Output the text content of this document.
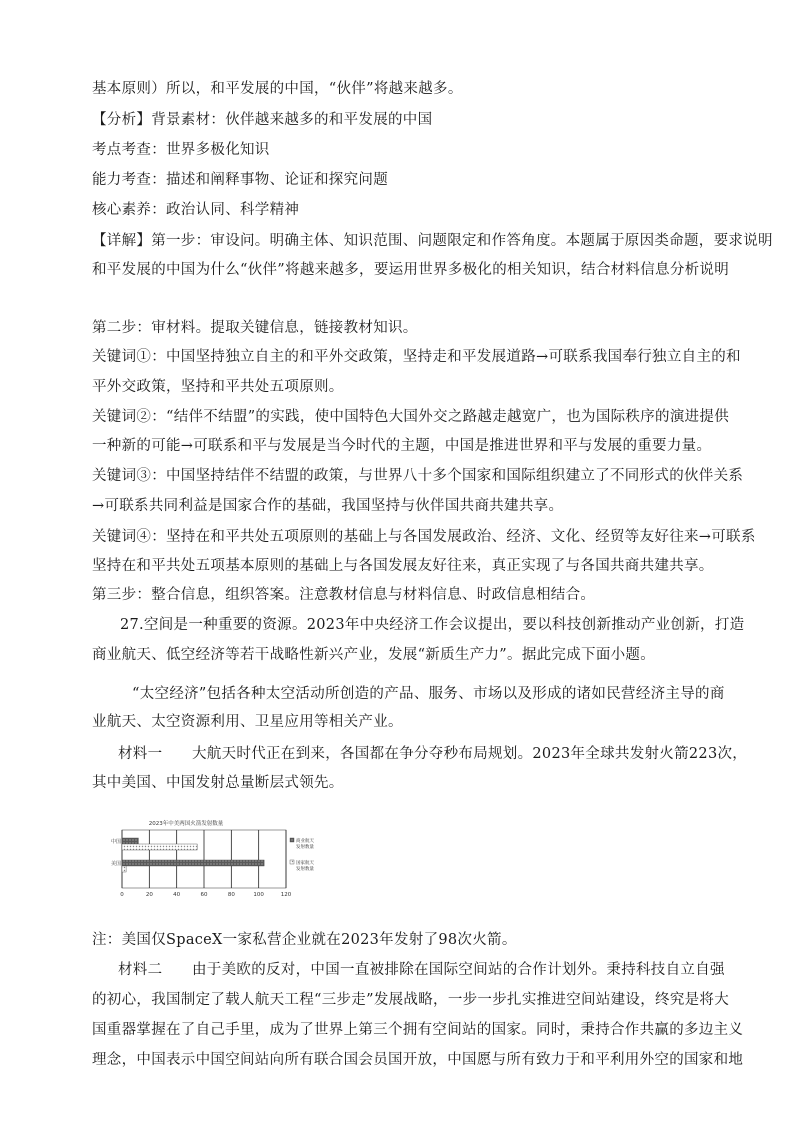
基本原则）所以，和平发展的中国，“伙伴”将越来越多。
【分析】背景素材：伙伴越来越多的和平发展的中国
考点考查：世界多极化知识
能力考查：描述和阐释事物、论证和探究问题
核心素养：政治认同、科学精神
【详解】第一步：审设问。明确主体、知识范围、问题限定和作答角度。本题属于原因类命题，要求说明
和平发展的中国为什么“伙伴”将越来越多，要运用世界多极化的相关知识，结合材料信息分析说明
第二步：审材料。提取关键信息，链接教材知识。
关键词①：中国坚持独立自主的和平外交政策，坚持走和平发展道路→可联系我国奉行独立自主的和
平外交政策，坚持和平共处五项原则。
关键词②：“结伴不结盟”的实践，使中国特色大国外交之路越走越宽广，也为国际秩序的演进提供
一种新的可能→可联系和平与发展是当今时代的主题，中国是推进世界和平与发展的重要力量。
关键词③：中国坚持结伴不结盟的政策，与世界八十多个国家和国际组织建立了不同形式的伙伴关系
→可联系共同利益是国家合作的基础，我国坚持与伙伴国共商共建共享。
关键词④：坚持在和平共处五项原则的基础上与各国发展政治、经济、文化、经贸等友好往来→可联系
坚持在和平共处五项基本原则的基础上与各国发展友好往来，真正实现了与各国共商共建共享。
第三步：整合信息，组织答案。注意教材信息与材料信息、时政信息相结合。
27.空间是一种重要的资源。2023年中央经济工作会议提出，要以科技创新推动产业创新，打造
商业航天、低空经济等若干战略性新兴产业，发展“新质生产力”。据此完成下面小题。
“太空经济”包括各种太空活动所创造的产品、服务、市场以及形成的诸如民营经济主导的商
业航天、太空资源利用、卫星应用等相关产业。
材料一　　大航天时代正在到来，各国都在争分夺秒布局规划。2023年全球共发射火箭223次，
其中美国、中国发射总量断层式领先。
2023年中美两国火箭发射数量
0	20	40	60	80	100	120
中国
美国
商业航天
发射数量
国家航天
发射数量
注：美国仅SpaceX一家私营企业就在2023年发射了98次火箭。
材料二　　由于美欧的反对，中国一直被排除在国际空间站的合作计划外。秉持科技自立自强
的初心，我国制定了载人航天工程“三步走”发展战略，一步一步扎实推进空间站建设，终究是将大
国重器掌握在了自己手里，成为了世界上第三个拥有空间站的国家。同时，秉持合作共赢的多边主义
理念，中国表示中国空间站向所有联合国会员国开放，中国愿与所有致力于和平利用外空的国家和地
